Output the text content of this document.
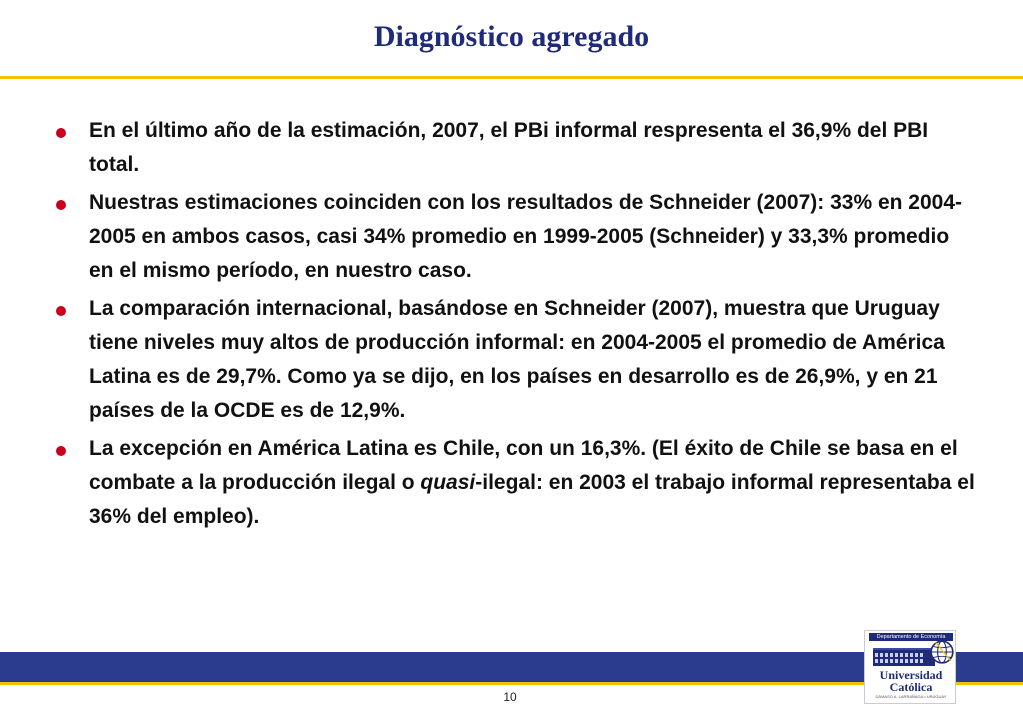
Diagnóstico agregado
En el último año de la estimación, 2007, el PBi informal respresenta el 36,9% del PBI total.
Nuestras estimaciones coinciden con los resultados de Schneider (2007): 33% en 2004-2005 en ambos casos, casi 34% promedio en 1999-2005 (Schneider) y 33,3% promedio en el mismo período, en nuestro caso.
La comparación internacional, basándose en Schneider (2007), muestra que Uruguay tiene niveles muy altos de producción informal: en 2004-2005 el promedio de América Latina es de 29,7%. Como ya se dijo, en los países en desarrollo es de 26,9%, y en 21 países de la OCDE es de 12,9%.
La excepción en América Latina es Chile, con un 16,3%. (El éxito de Chile se basa en el combate a la producción ilegal o quasi-ilegal: en 2003 el trabajo informal representaba el 36% del empleo).
10
Departamento de Economía
Universidad
Católica
DÁMASO A. LARRAÑAGA • URUGUAY
